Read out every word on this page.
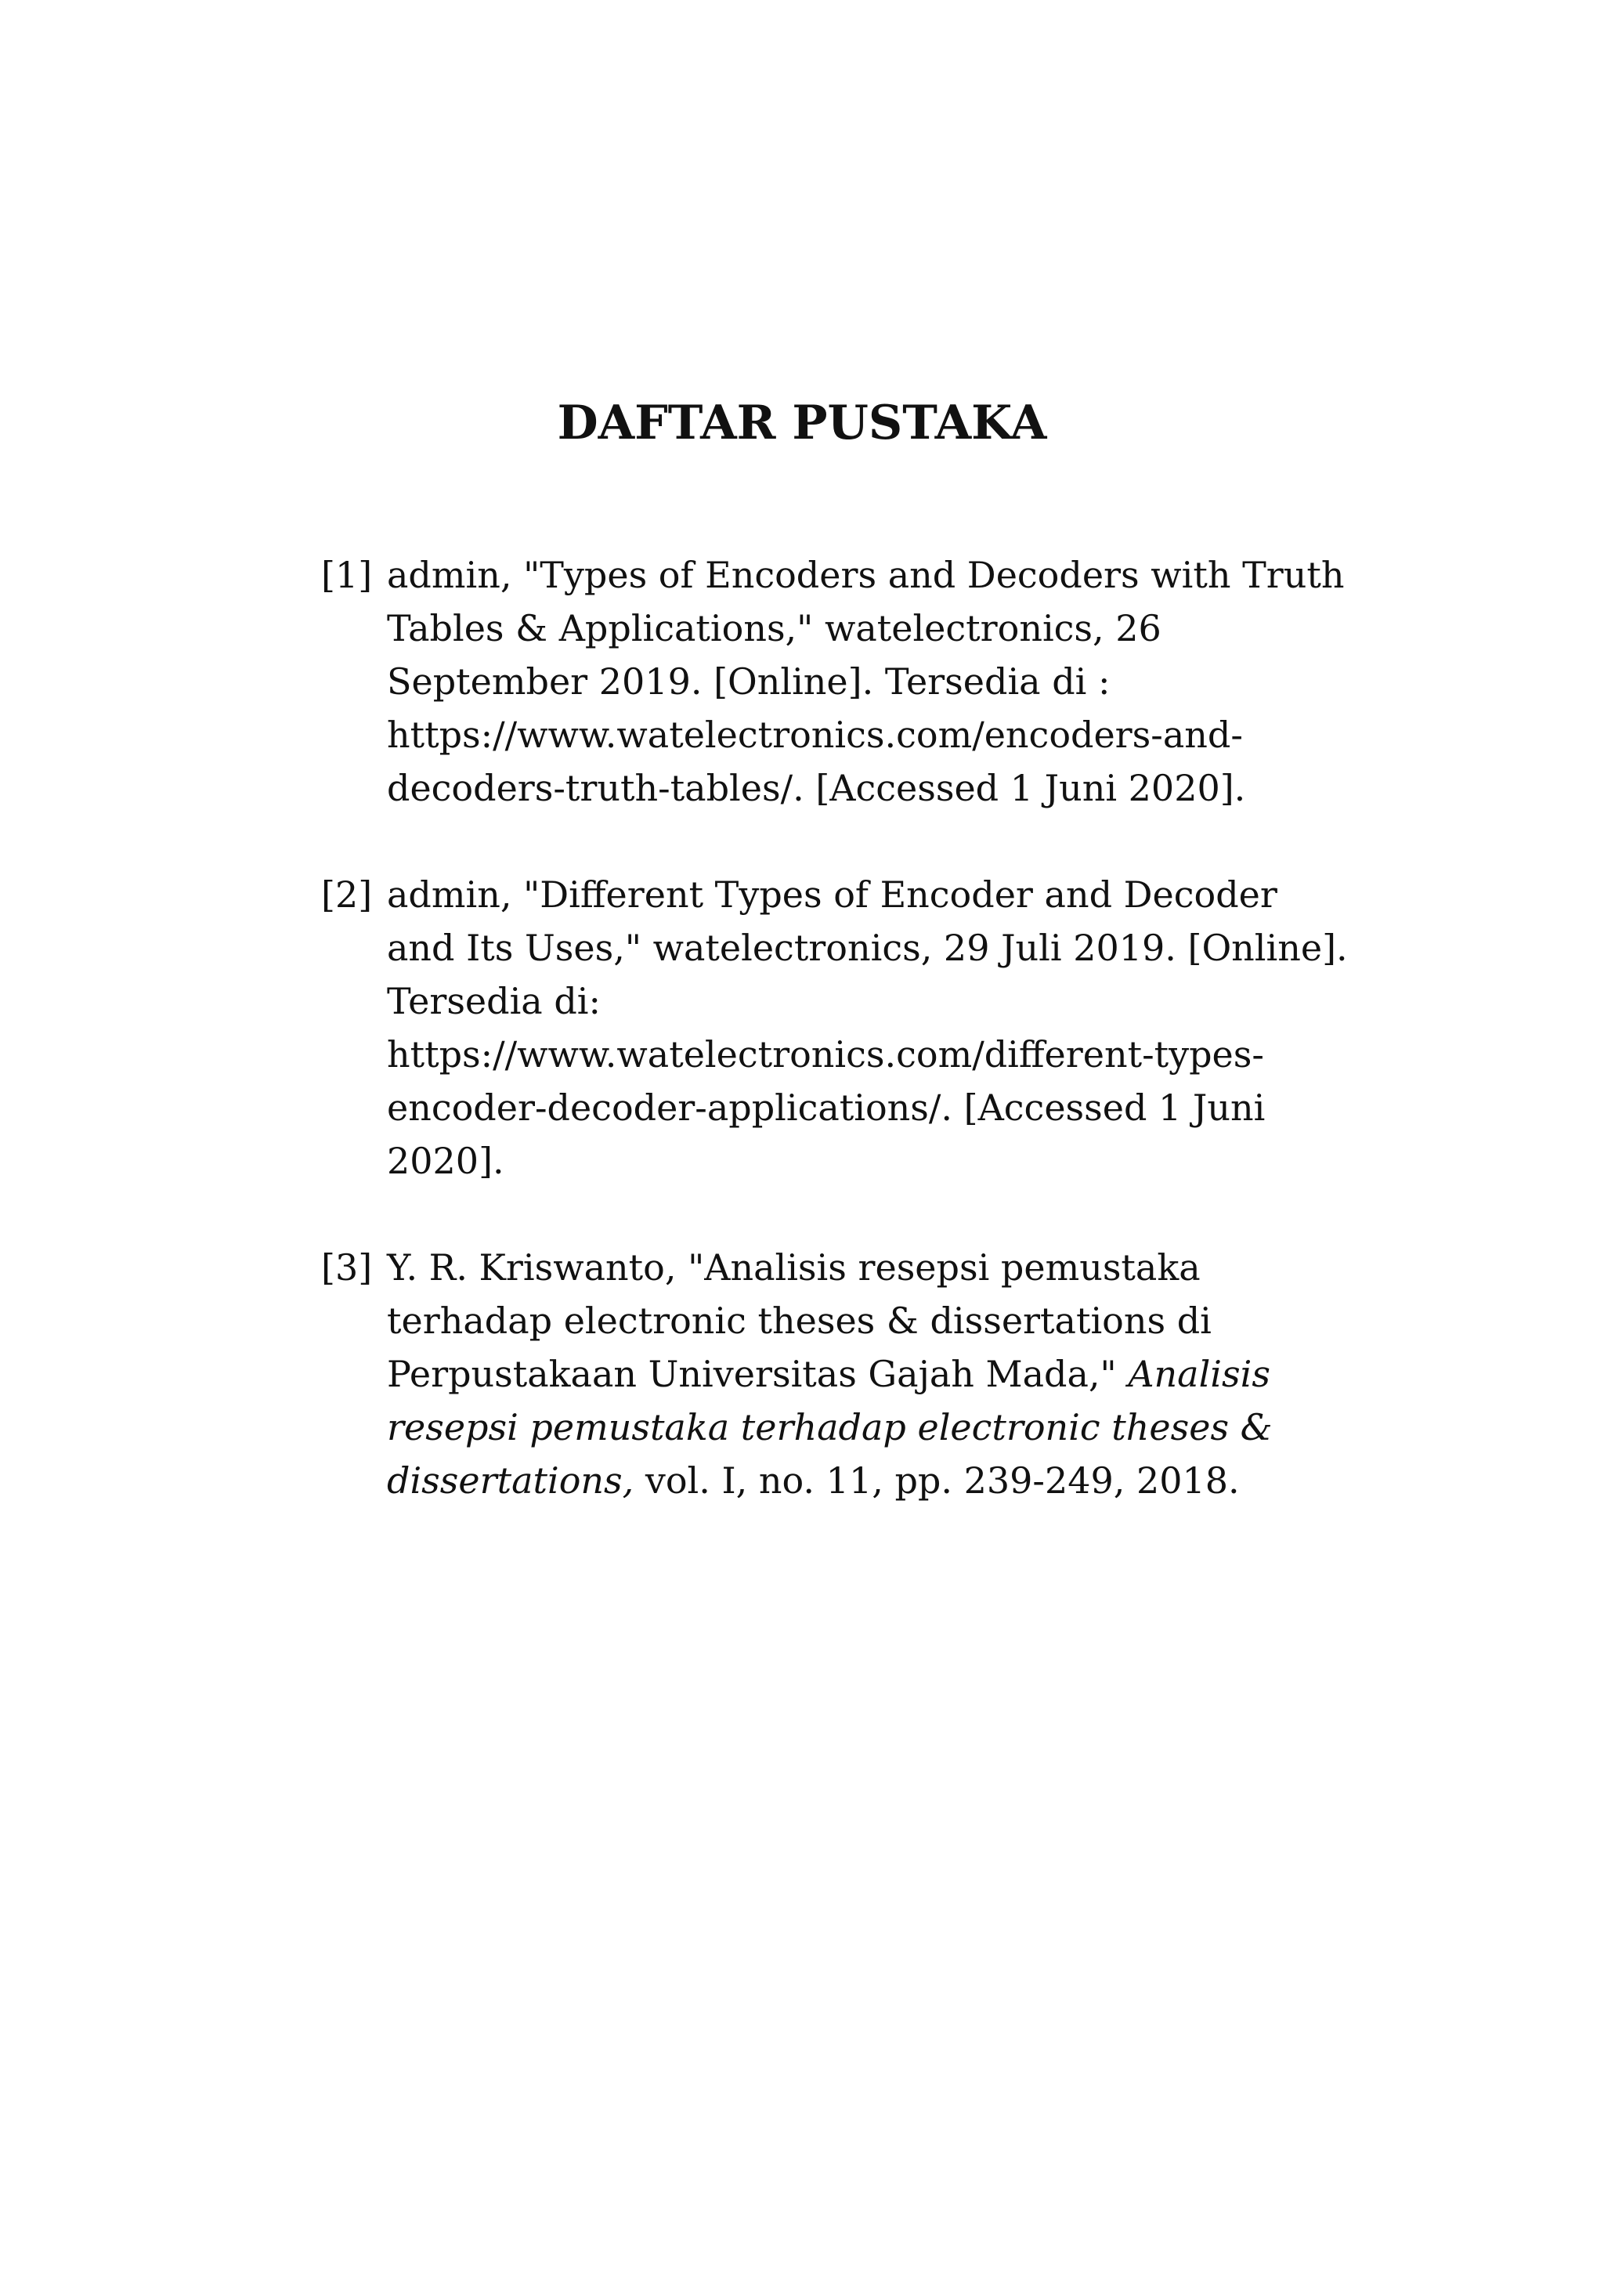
DAFTAR PUSTAKA
[1] admin, "Types of Encoders and Decoders with Truth
Tables & Applications," watelectronics, 26
September 2019. [Online]. Tersedia di :
https://www.watelectronics.com/encoders-and-
decoders-truth-tables/. [Accessed 1 Juni 2020].
[2] admin, "Different Types of Encoder and Decoder
and Its Uses," watelectronics, 29 Juli 2019. [Online].
Tersedia di:
https://www.watelectronics.com/different-types-
encoder-decoder-applications/. [Accessed 1 Juni
2020].
[3] Y. R. Kriswanto, "Analisis resepsi pemustaka
terhadap electronic theses & dissertations di
Perpustakaan Universitas Gajah Mada," Analisis
resepsi pemustaka terhadap electronic theses &
dissertations, vol. I, no. 11, pp. 239-249, 2018.
